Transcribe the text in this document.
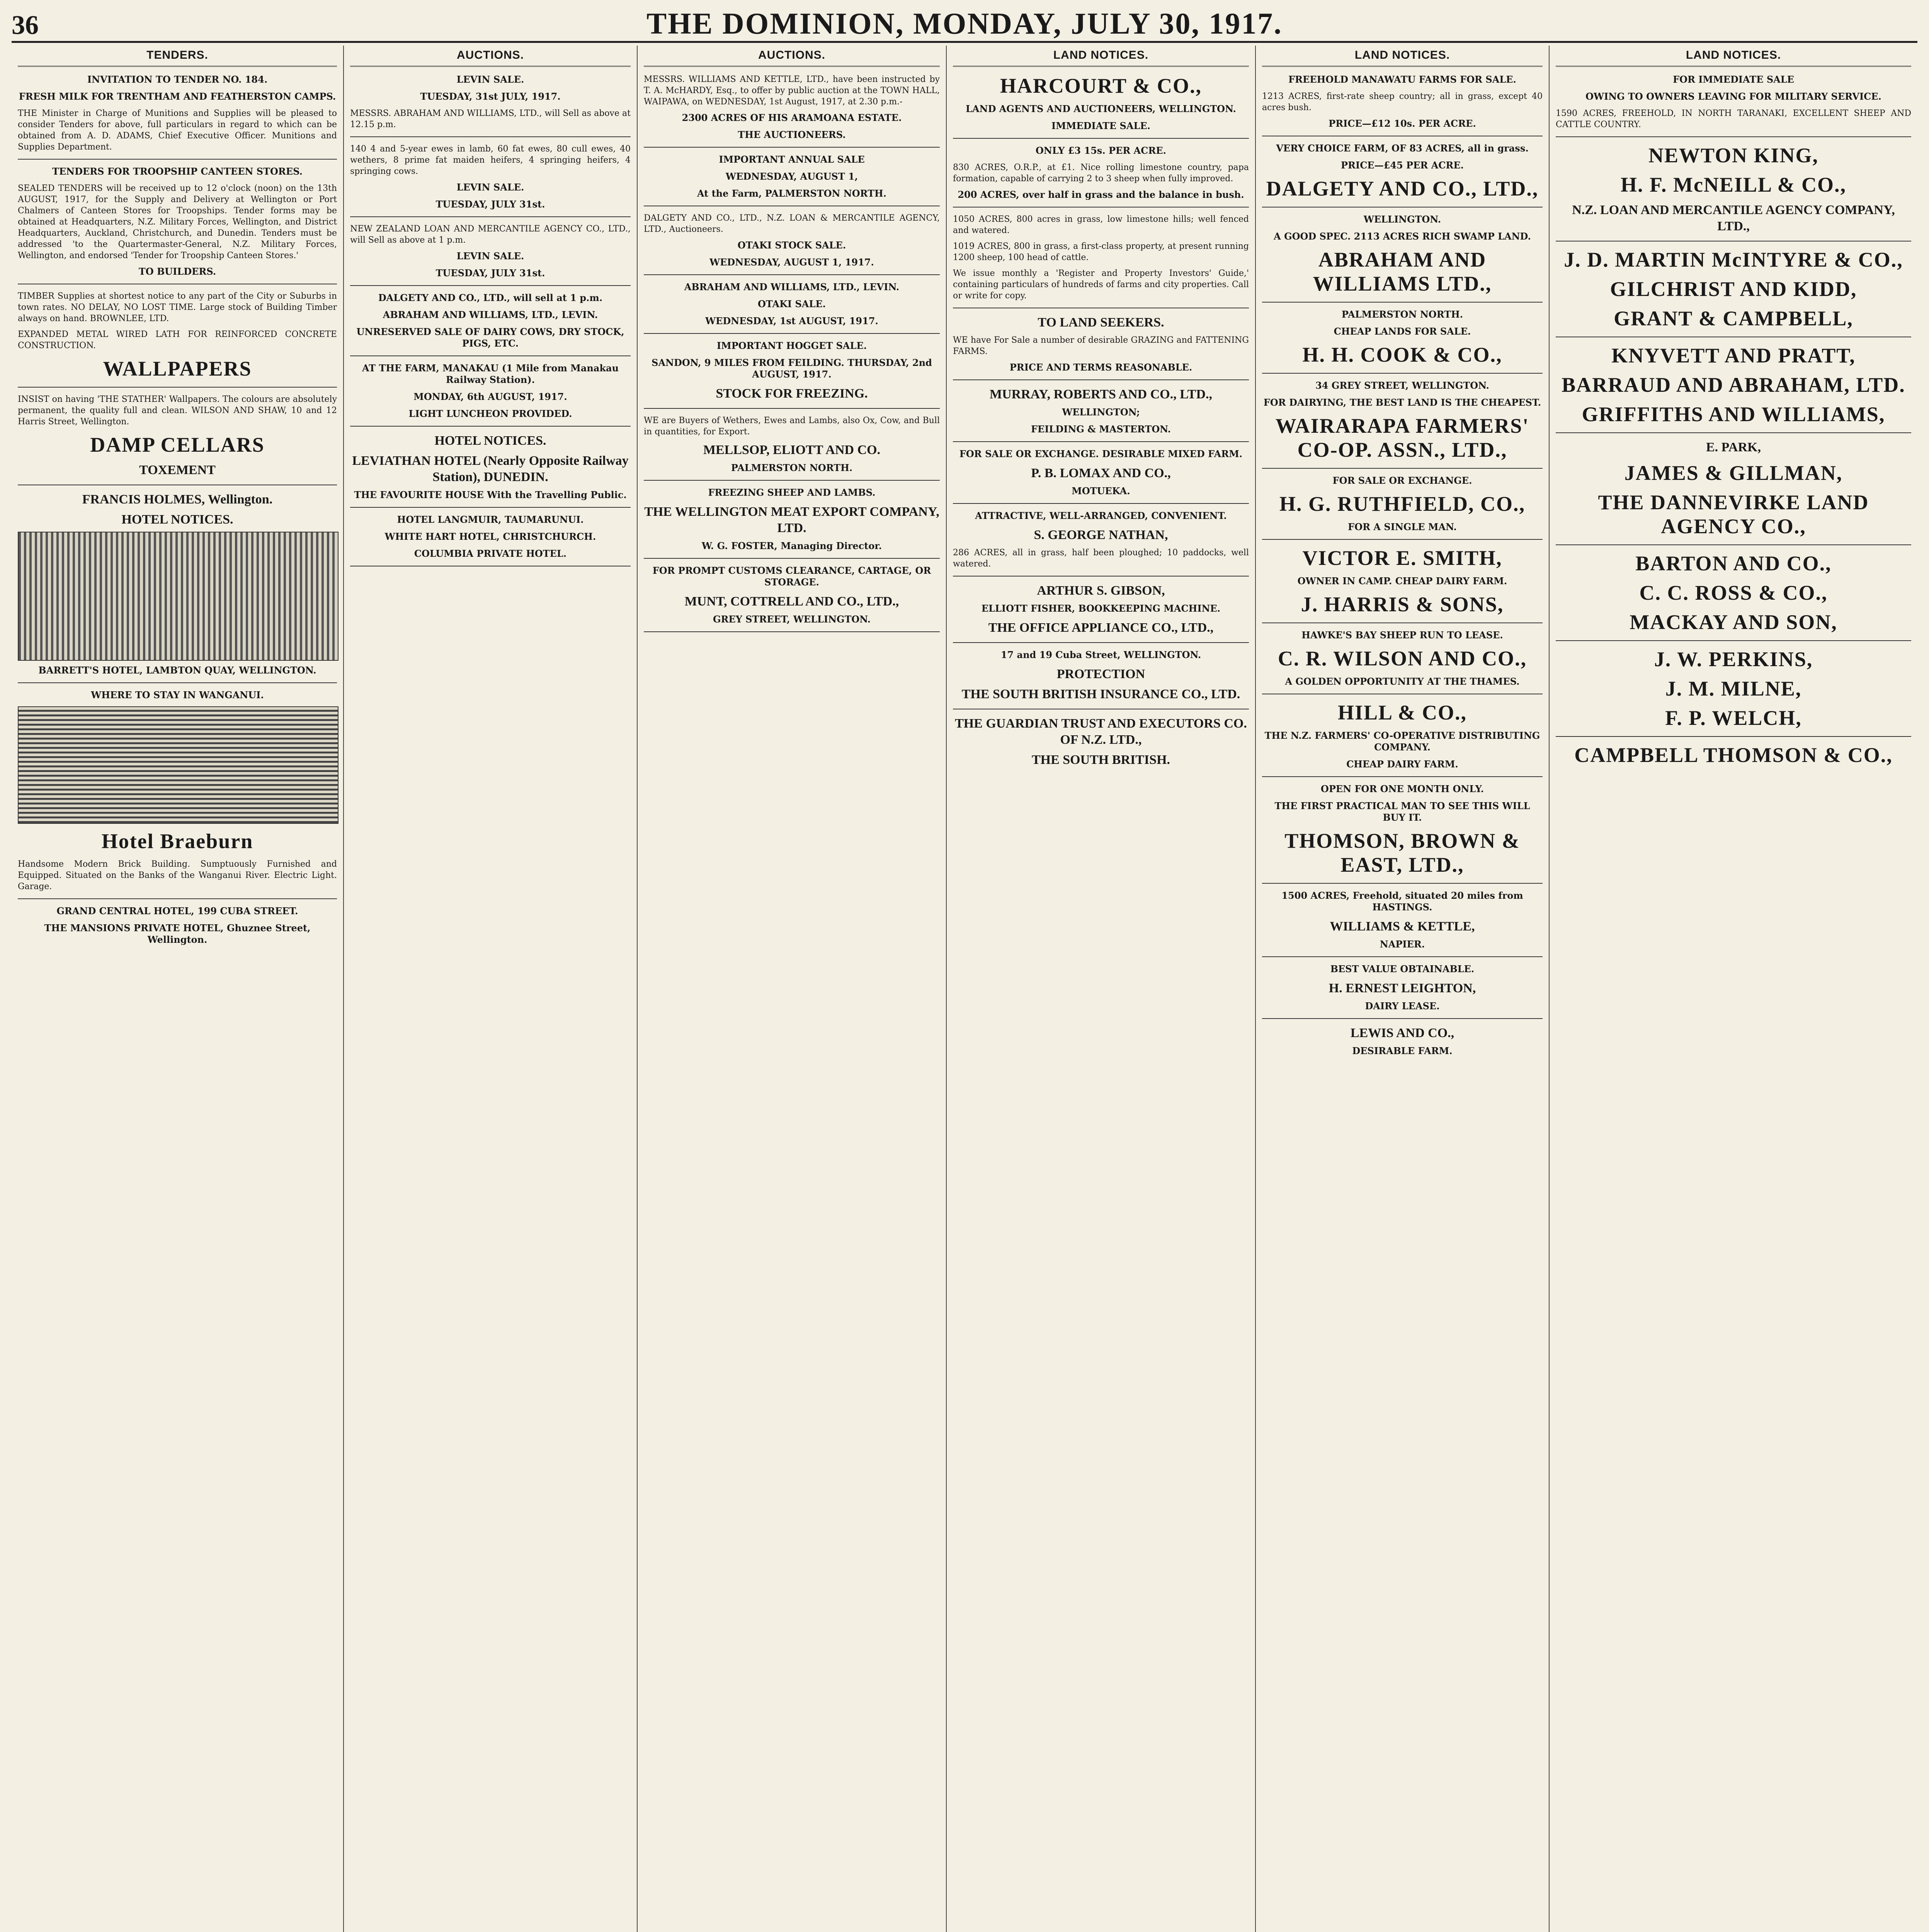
36	THE DOMINION, MONDAY, JULY 30, 1917.
TENDERS.

INVITATION TO TENDER NO. 184.

FRESH MILK FOR TRENTHAM AND FEATHERSTON CAMPS.

THE Minister in Charge of Munitions and Supplies will be pleased to consider Tenders for above, full particulars in regard to which can be obtained from A. D. ADAMS, Chief Executive Officer. Munitions and Supplies Department.

TENDERS FOR TROOPSHIP CANTEEN STORES.

SEALED TENDERS will be received up to 12 o'clock (noon) on the 13th AUGUST, 1917, for the Supply and Delivery at Wellington or Port Chalmers of Canteen Stores for Troopships. Tender forms may be obtained at Headquarters, N.Z. Military Forces, Wellington, and District Headquarters, Auckland, Christchurch, and Dunedin. Tenders must be addressed 'to the Quartermaster-General, N.Z. Military Forces, Wellington, and endorsed 'Tender for Troopship Canteen Stores.'

TO BUILDERS.

TIMBER Supplies at shortest notice to any part of the City or Suburbs in town rates. NO DELAY, NO LOST TIME. Large stock of Building Timber always on hand. BROWNLEE, LTD.

EXPANDED METAL WIRED LATH FOR REINFORCED CONCRETE CONSTRUCTION.

WALLPAPERS

INSIST on having 'THE STATHER' Wallpapers. The colours are absolutely permanent, the quality full and clean. WILSON AND SHAW, 10 and 12 Harris Street, Wellington.

DAMP CELLARS

TOXEMENT

FRANCIS HOLMES, Wellington.

HOTEL NOTICES.

BARRETT'S HOTEL, LAMBTON QUAY, WELLINGTON.

WHERE TO STAY IN WANGANUI.

Hotel Braeburn

Handsome Modern Brick Building. Sumptuously Furnished and Equipped. Situated on the Banks of the Wanganui River. Electric Light. Garage.

GRAND CENTRAL HOTEL, 199 CUBA STREET.

THE MANSIONS PRIVATE HOTEL, Ghuznee Street, Wellington.

AUCTIONS.

LEVIN SALE.

TUESDAY, 31st JULY, 1917.

MESSRS. ABRAHAM AND WILLIAMS, LTD., will Sell as above at 12.15 p.m.

140 4 and 5-year ewes in lamb, 60 fat ewes, 80 cull ewes, 40 wethers, 8 prime fat maiden heifers, 4 springing heifers, 4 springing cows.

LEVIN SALE.

TUESDAY, JULY 31st.

NEW ZEALAND LOAN AND MERCANTILE AGENCY CO., LTD., will Sell as above at 1 p.m.

LEVIN SALE.

TUESDAY, JULY 31st.

DALGETY AND CO., LTD., will sell at 1 p.m.

ABRAHAM AND WILLIAMS, LTD., LEVIN.

UNRESERVED SALE OF DAIRY COWS, DRY STOCK, PIGS, ETC.

AT THE FARM, MANAKAU (1 Mile from Manakau Railway Station).

MONDAY, 6th AUGUST, 1917.

LIGHT LUNCHEON PROVIDED.

HOTEL NOTICES.

LEVIATHAN HOTEL (Nearly Opposite Railway Station), DUNEDIN.

THE FAVOURITE HOUSE With the Travelling Public.

HOTEL LANGMUIR, TAUMARUNUI.

WHITE HART HOTEL, CHRISTCHURCH.

COLUMBIA PRIVATE HOTEL.

AUCTIONS.

MESSRS. WILLIAMS AND KETTLE, LTD., have been instructed by T. A. McHARDY, Esq., to offer by public auction at the TOWN HALL, WAIPAWA, on WEDNESDAY, 1st August, 1917, at 2.30 p.m.-

2300 ACRES OF HIS ARAMOANA ESTATE.

THE AUCTIONEERS.

IMPORTANT ANNUAL SALE

WEDNESDAY, AUGUST 1,

At the Farm, PALMERSTON NORTH.

DALGETY AND CO., LTD., N.Z. LOAN & MERCANTILE AGENCY, LTD., Auctioneers.

OTAKI STOCK SALE.

WEDNESDAY, AUGUST 1, 1917.

ABRAHAM AND WILLIAMS, LTD., LEVIN.

OTAKI SALE.

WEDNESDAY, 1st AUGUST, 1917.

IMPORTANT HOGGET SALE.

SANDON, 9 MILES FROM FEILDING. THURSDAY, 2nd AUGUST, 1917.

STOCK FOR FREEZING.

WE are Buyers of Wethers, Ewes and Lambs, also Ox, Cow, and Bull in quantities, for Export.

MELLSOP, ELIOTT AND CO.

PALMERSTON NORTH.

FREEZING SHEEP AND LAMBS.

THE WELLINGTON MEAT EXPORT COMPANY, LTD.

W. G. FOSTER, Managing Director.

FOR PROMPT CUSTOMS CLEARANCE, CARTAGE, OR STORAGE.

MUNT, COTTRELL AND CO., LTD.,

GREY STREET, WELLINGTON.

LAND NOTICES.

HARCOURT & CO.,

LAND AGENTS AND AUCTIONEERS, WELLINGTON.

IMMEDIATE SALE.

ONLY £3 15s. PER ACRE.

830 ACRES, O.R.P., at £1. Nice rolling limestone country, papa formation, capable of carrying 2 to 3 sheep when fully improved.

200 ACRES, over half in grass and the balance in bush.

1050 ACRES, 800 acres in grass, low limestone hills; well fenced and watered.

1019 ACRES, 800 in grass, a first-class property, at present running 1200 sheep, 100 head of cattle.

We issue monthly a 'Register and Property Investors' Guide,' containing particulars of hundreds of farms and city properties. Call or write for copy.

TO LAND SEEKERS.

WE have For Sale a number of desirable GRAZING and FATTENING FARMS.

PRICE AND TERMS REASONABLE.

MURRAY, ROBERTS AND CO., LTD.,

WELLINGTON;

FEILDING & MASTERTON.

FOR SALE OR EXCHANGE. DESIRABLE MIXED FARM.

P. B. LOMAX AND CO.,

MOTUEKA.

ATTRACTIVE, WELL-ARRANGED, CONVENIENT.

S. GEORGE NATHAN,

286 ACRES, all in grass, half been ploughed; 10 paddocks, well watered.

ARTHUR S. GIBSON,

ELLIOTT FISHER, BOOKKEEPING MACHINE.

THE OFFICE APPLIANCE CO., LTD.,

17 and 19 Cuba Street, WELLINGTON.

PROTECTION

THE SOUTH BRITISH INSURANCE CO., LTD.

THE GUARDIAN TRUST AND EXECUTORS CO. OF N.Z. LTD.,

THE SOUTH BRITISH.

LAND NOTICES.

FREEHOLD MANAWATU FARMS FOR SALE.

1213 ACRES, first-rate sheep country; all in grass, except 40 acres bush.

PRICE—£12 10s. PER ACRE.

VERY CHOICE FARM, OF 83 ACRES, all in grass.

PRICE—£45 PER ACRE.

DALGETY AND CO., LTD.,

WELLINGTON.

A GOOD SPEC. 2113 ACRES RICH SWAMP LAND.

ABRAHAM AND WILLIAMS LTD.,

PALMERSTON NORTH.

CHEAP LANDS FOR SALE.

H. H. COOK & CO.,

34 GREY STREET, WELLINGTON.

FOR DAIRYING, THE BEST LAND IS THE CHEAPEST.

WAIRARAPA FARMERS' CO-OP. ASSN., LTD.,

FOR SALE OR EXCHANGE.

H. G. RUTHFIELD, CO.,

FOR A SINGLE MAN.

VICTOR E. SMITH,

OWNER IN CAMP. CHEAP DAIRY FARM.

J. HARRIS & SONS,

HAWKE'S BAY SHEEP RUN TO LEASE.

C. R. WILSON AND CO.,

A GOLDEN OPPORTUNITY AT THE THAMES.

HILL & CO.,

THE N.Z. FARMERS' CO-OPERATIVE DISTRIBUTING COMPANY.

CHEAP DAIRY FARM.

OPEN FOR ONE MONTH ONLY.

THE FIRST PRACTICAL MAN TO SEE THIS WILL BUY IT.

THOMSON, BROWN & EAST, LTD.,

1500 ACRES, Freehold, situated 20 miles from HASTINGS.

WILLIAMS & KETTLE,

NAPIER.

BEST VALUE OBTAINABLE.

H. ERNEST LEIGHTON,

DAIRY LEASE.

LEWIS AND CO.,

DESIRABLE FARM.

LAND NOTICES.

FOR IMMEDIATE SALE

OWING TO OWNERS LEAVING FOR MILITARY SERVICE.

1590 ACRES, FREEHOLD, IN NORTH TARANAKI, EXCELLENT SHEEP AND CATTLE COUNTRY.

NEWTON KING,

H. F. McNEILL & CO.,

N.Z. LOAN AND MERCANTILE AGENCY COMPANY, LTD.,

J. D. MARTIN McINTYRE & CO.,

GILCHRIST AND KIDD,

GRANT & CAMPBELL,

KNYVETT AND PRATT,

BARRAUD AND ABRAHAM, LTD.

GRIFFITHS AND WILLIAMS,

E. PARK,

JAMES & GILLMAN,

THE DANNEVIRKE LAND AGENCY CO.,

BARTON AND CO.,

C. C. ROSS & CO.,

MACKAY AND SON,

J. W. PERKINS,

J. M. MILNE,

F. P. WELCH,

CAMPBELL THOMSON & CO.,
